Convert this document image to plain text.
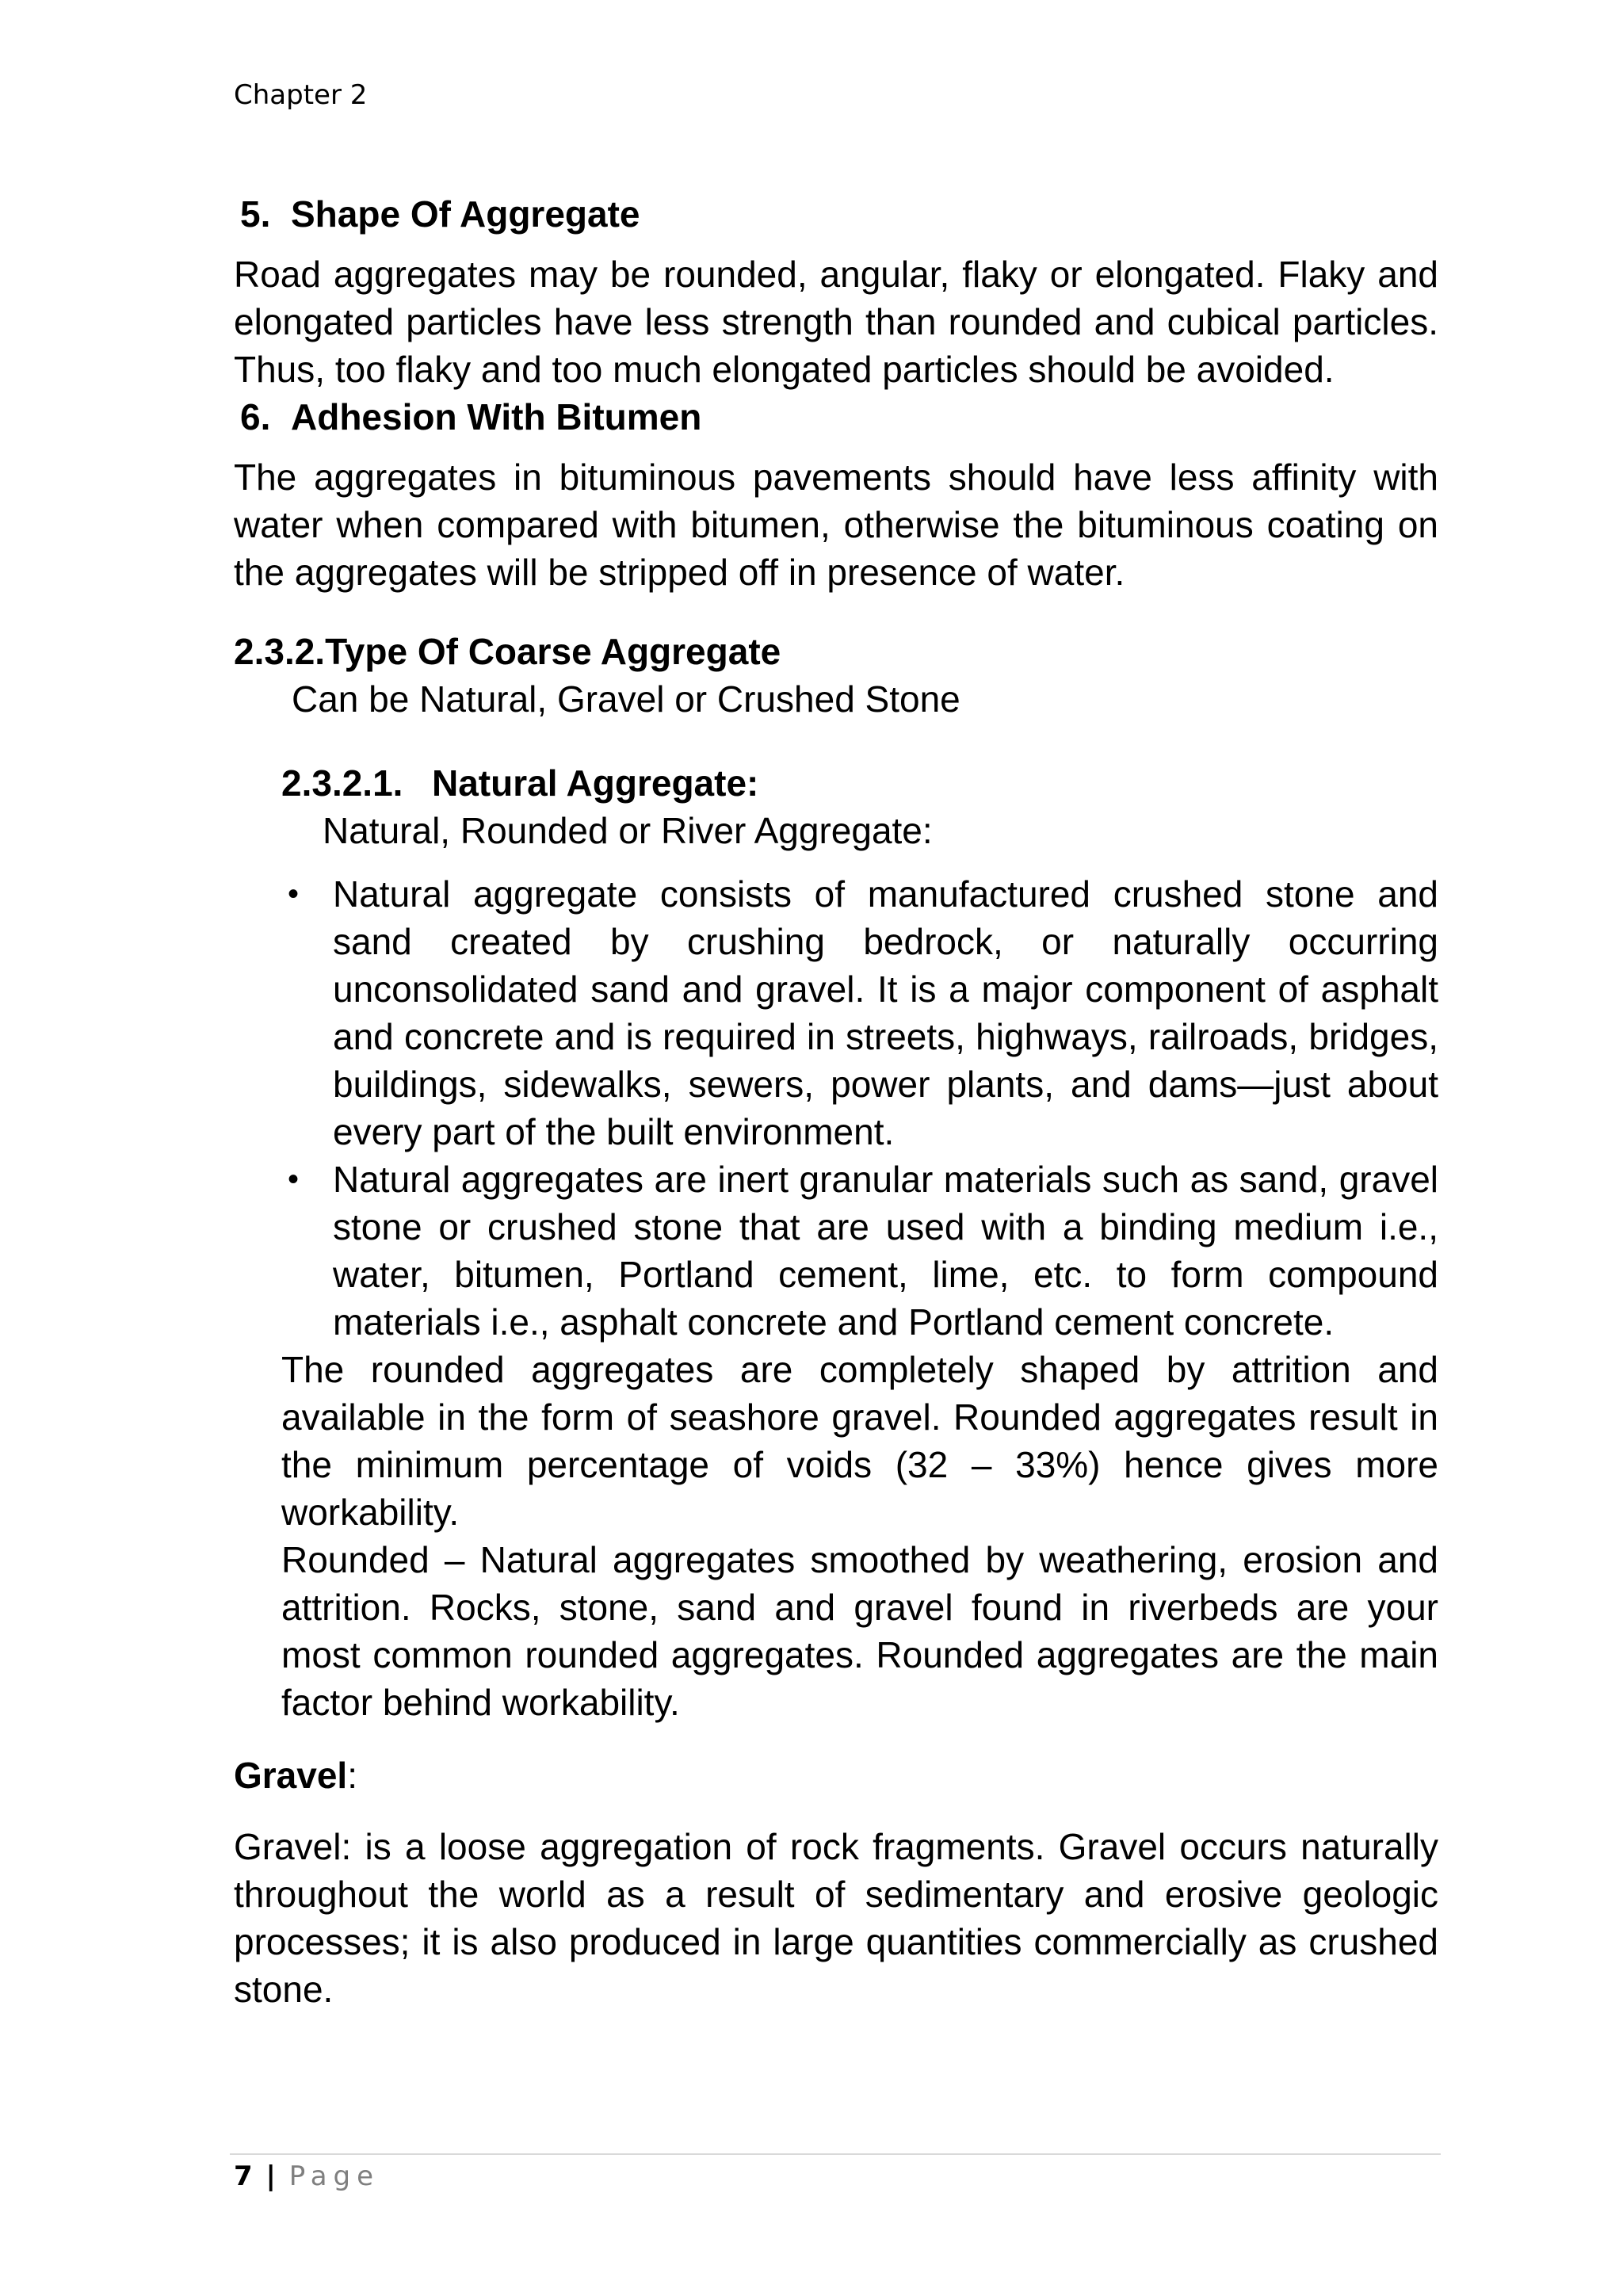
Chapter 2

5. Shape Of Aggregate

Road aggregates may be rounded, angular, flaky or elongated. Flaky and elongated particles have less strength than rounded and cubical particles. Thus, too flaky and too much elongated particles should be avoided.

6. Adhesion With Bitumen

The aggregates in bituminous pavements should have less affinity with water when compared with bitumen, otherwise the bituminous coating on the aggregates will be stripped off in presence of water.

2.3.2.Type Of Coarse Aggregate

Can be Natural, Gravel or Crushed Stone

2.3.2.1. Natural Aggregate:

Natural, Rounded or River Aggregate:

• Natural aggregate consists of manufactured crushed stone and sand created by crushing bedrock, or naturally occurring unconsolidated sand and gravel. It is a major component of asphalt and concrete and is required in streets, highways, railroads, bridges, buildings, sidewalks, sewers, power plants, and dams—just about every part of the built environment.

• Natural aggregates are inert granular materials such as sand, gravel stone or crushed stone that are used with a binding medium i.e., water, bitumen, Portland cement, lime, etc. to form compound materials i.e., asphalt concrete and Portland cement concrete.

The rounded aggregates are completely shaped by attrition and available in the form of seashore gravel. Rounded aggregates result in the minimum percentage of voids (32 – 33%) hence gives more workability.

Rounded – Natural aggregates smoothed by weathering, erosion and attrition. Rocks, stone, sand and gravel found in riverbeds are your most common rounded aggregates. Rounded aggregates are the main factor behind workability.

Gravel:

Gravel: is a loose aggregation of rock fragments. Gravel occurs naturally throughout the world as a result of sedimentary and erosive geologic processes; it is also produced in large quantities commercially as crushed stone.

7 | Page
